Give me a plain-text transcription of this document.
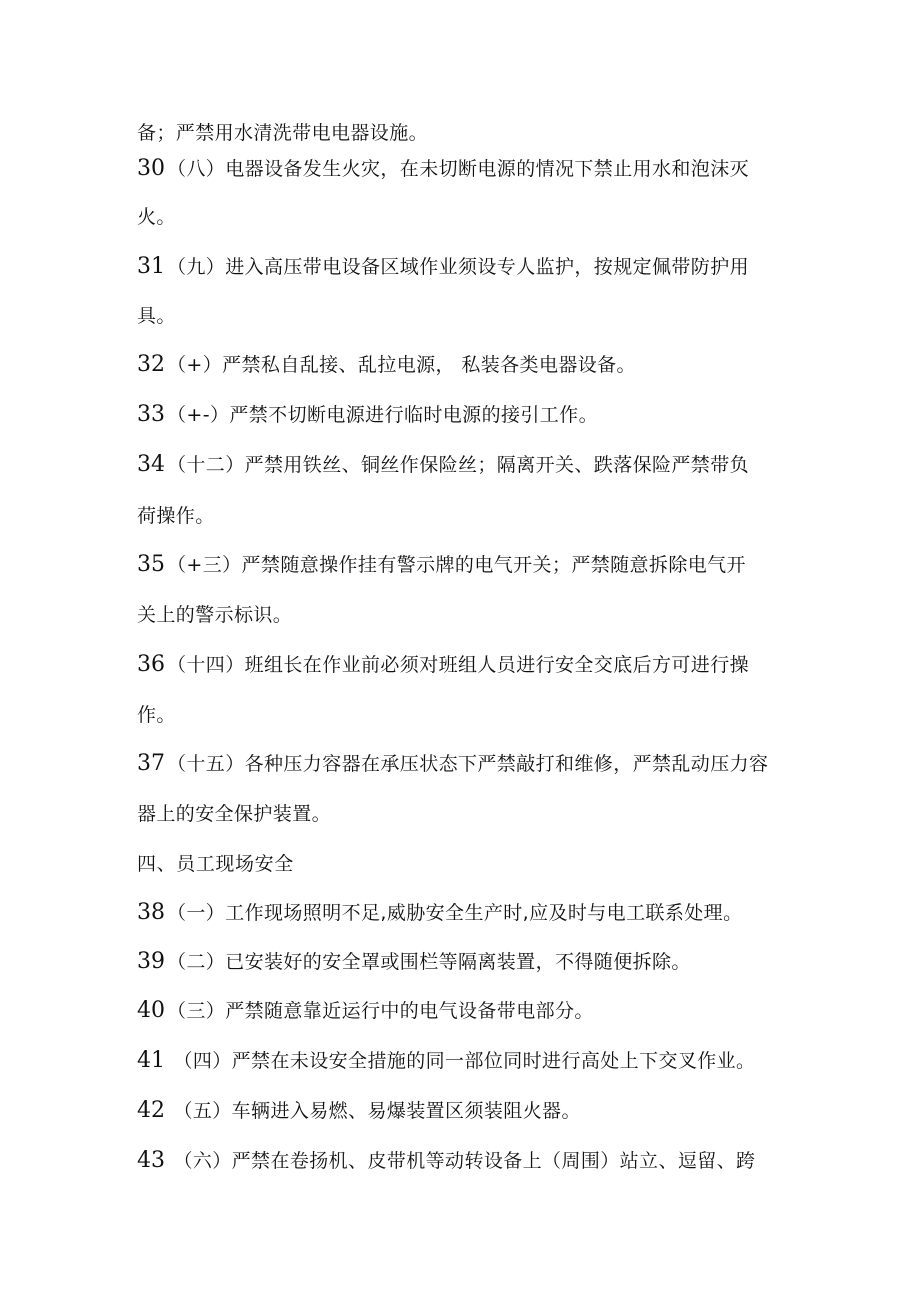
备；严禁用水清洗带电电器设施。
30 （八）电器设备发生火灾，在未切断电源的情况下禁止用水和泡沫灭
火。
31 （九）进入高压带电设备区域作业须设专人监护，按规定佩带防护用
具。
32 （+）严禁私自乱接、乱拉电源， 私装各类电器设备。
33 （+-）严禁不切断电源进行临时电源的接引工作。
34 （十二）严禁用铁丝、铜丝作保险丝；隔离开关、跌落保险严禁带负
荷操作。
35 （+三）严禁随意操作挂有警示牌的电气开关；严禁随意拆除电气开
关上的警示标识。
36 （十四）班组长在作业前必须对班组人员进行安全交底后方可进行操
作。
37 （十五）各种压力容器在承压状态下严禁敲打和维修，严禁乱动压力容
器上的安全保护装置。
四、员工现场安全
38 （一）工作现场照明不足,威胁安全生产时,应及时与电工联系处理。
39 （二）已安装好的安全罩或围栏等隔离装置，不得随便拆除。
40 （三）严禁随意靠近运行中的电气设备带电部分。
41 （四）严禁在未设安全措施的同一部位同时进行高处上下交叉作业。
42 （五）车辆进入易燃、易爆装置区须装阻火器。
43 （六）严禁在卷扬机、皮带机等动转设备上（周围）站立、逗留、跨
